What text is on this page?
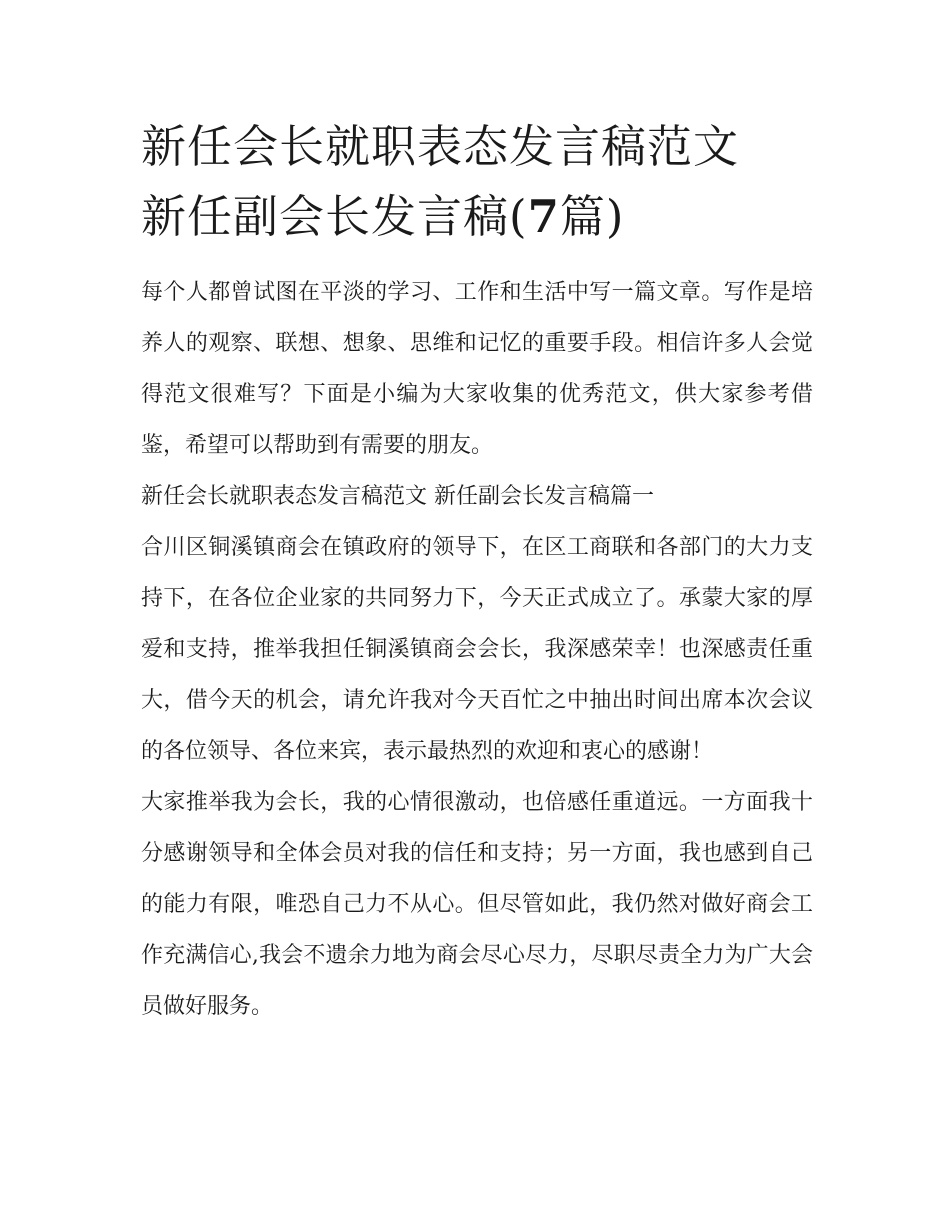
新任会长就职表态发言稿范文
新任副会长发言稿(7篇)

每个人都曾试图在平淡的学习、工作和生活中写一篇文章。写作是培养人的观察、联想、想象、思维和记忆的重要手段。相信许多人会觉得范文很难写？下面是小编为大家收集的优秀范文，供大家参考借鉴，希望可以帮助到有需要的朋友。

新任会长就职表态发言稿范文 新任副会长发言稿篇一

合川区铜溪镇商会在镇政府的领导下，在区工商联和各部门的大力支持下，在各位企业家的共同努力下，今天正式成立了。承蒙大家的厚爱和支持，推举我担任铜溪镇商会会长，我深感荣幸！也深感责任重大，借今天的机会，请允许我对今天百忙之中抽出时间出席本次会议的各位领导、各位来宾，表示最热烈的欢迎和衷心的感谢！

大家推举我为会长，我的心情很激动，也倍感任重道远。一方面我十分感谢领导和全体会员对我的信任和支持；另一方面，我也感到自己的能力有限，唯恐自己力不从心。但尽管如此，我仍然对做好商会工作充满信心,我会不遗余力地为商会尽心尽力，尽职尽责全力为广大会员做好服务。
